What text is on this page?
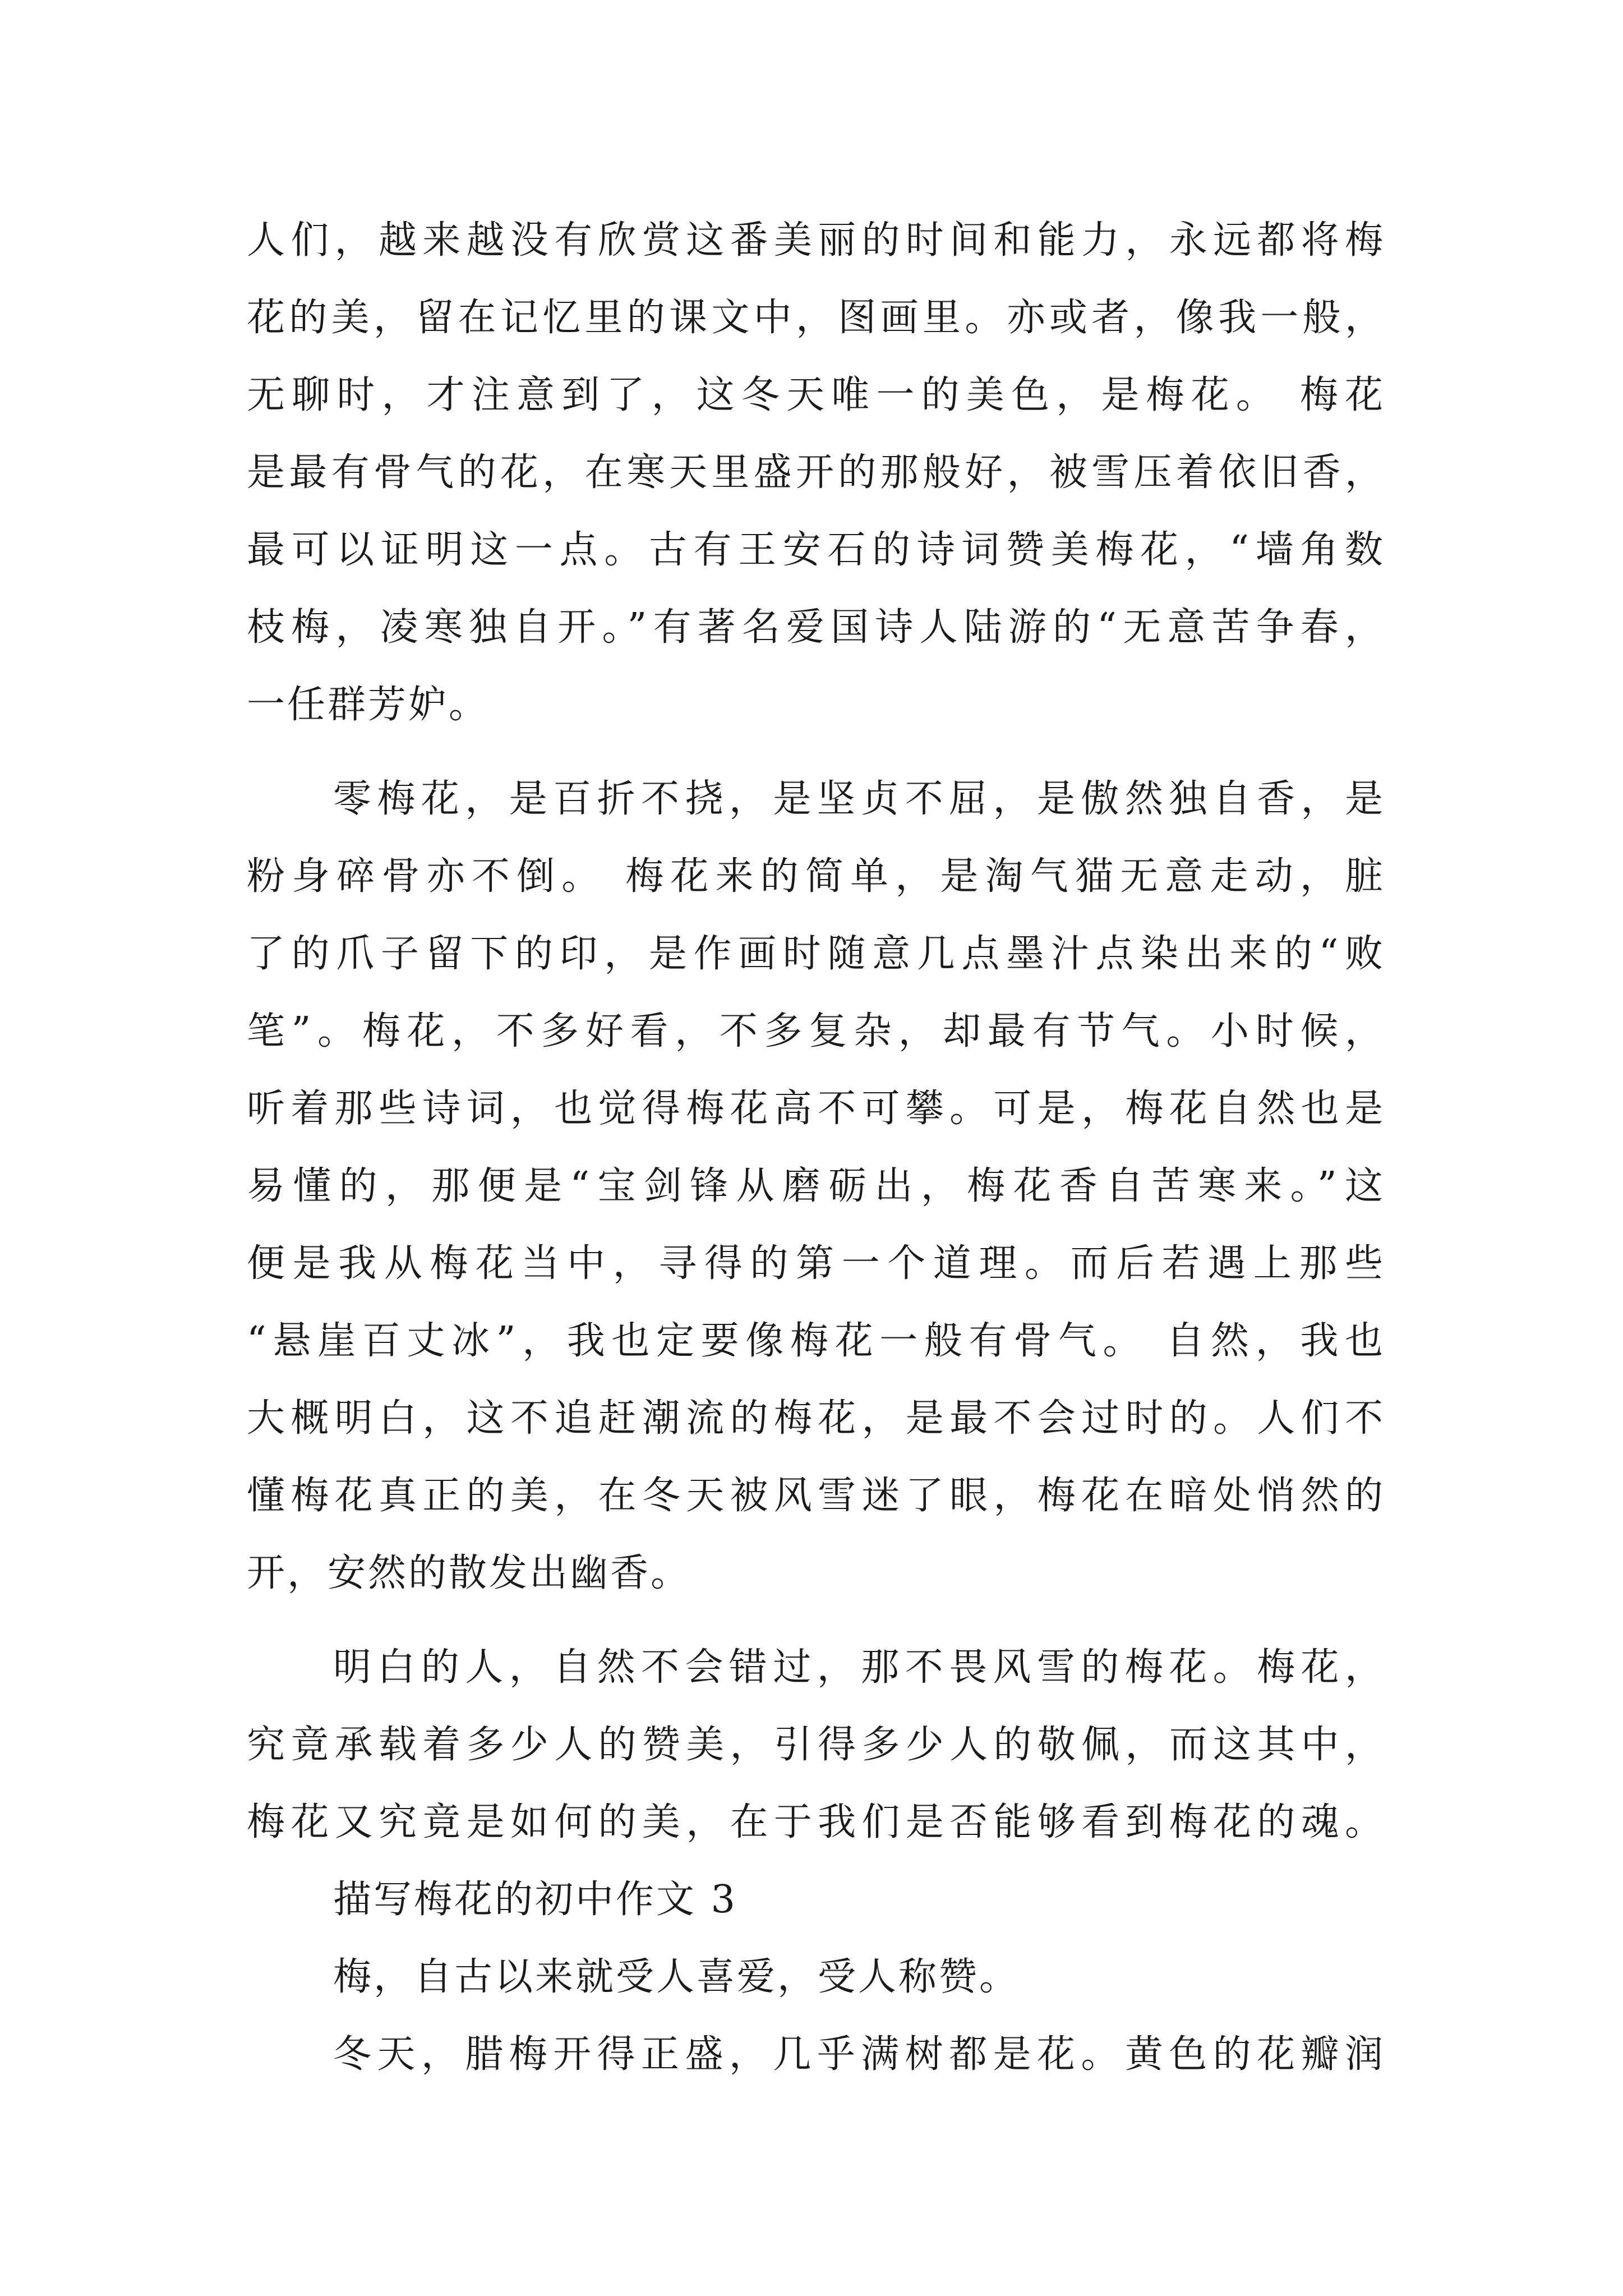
人们，越来越没有欣赏这番美丽的时间和能力，永远都将梅
花的美，留在记忆里的课文中，图画里。亦或者，像我一般，
无聊时，才注意到了，这冬天唯一的美色，是梅花。 梅花
是最有骨气的花，在寒天里盛开的那般好，被雪压着依旧香，
最可以证明这一点。古有王安石的诗词赞美梅花，“墙角数
枝梅，凌寒独自开。”有著名爱国诗人陆游的“无意苦争春，
一任群芳妒。
零梅花，是百折不挠，是坚贞不屈，是傲然独自香，是
粉身碎骨亦不倒。 梅花来的简单，是淘气猫无意走动，脏
了的爪子留下的印，是作画时随意几点墨汁点染出来的“败
笔”。梅花，不多好看，不多复杂，却最有节气。小时候，
听着那些诗词，也觉得梅花高不可攀。可是，梅花自然也是
易懂的，那便是“宝剑锋从磨砺出，梅花香自苦寒来。”这
便是我从梅花当中，寻得的第一个道理。而后若遇上那些
“悬崖百丈冰”，我也定要像梅花一般有骨气。 自然，我也
大概明白，这不追赶潮流的梅花，是最不会过时的。人们不
懂梅花真正的美，在冬天被风雪迷了眼，梅花在暗处悄然的
开，安然的散发出幽香。
明白的人，自然不会错过，那不畏风雪的梅花。梅花，
究竟承载着多少人的赞美，引得多少人的敬佩，而这其中，
梅花又究竟是如何的美，在于我们是否能够看到梅花的魂。
描写梅花的初中作文 3
梅，自古以来就受人喜爱，受人称赞。
冬天，腊梅开得正盛，几乎满树都是花。黄色的花瓣润
